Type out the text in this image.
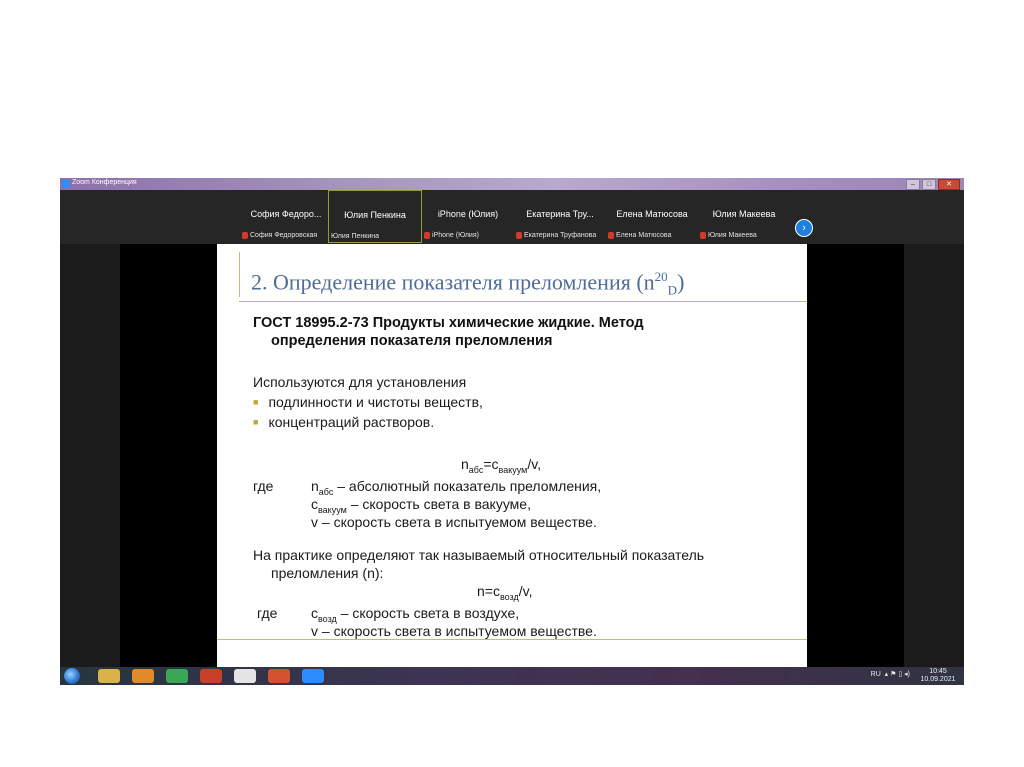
Zoom Конференция	–	□	✕
София Федоро...
София Федоровская
Юлия Пенкина
Юлия Пенкина
iPhone (Юлия)
iPhone (Юлия)
Екатерина Тру...
Екатерина Труфанова
Елена Матюсова
Елена Матюсова
Юлия Макеева
Юлия Макеева
›
2. Определение показателя преломления $(n^{20}_D)$
ГОСТ 18995.2-73 Продукты химические жидкие. Метод
определения показателя преломления
Используются для установления
■ подлинности и чистоты веществ,
■ концентраций растворов.
$n_{абс}=c_{вакуум}/v$,
где	$n_{абс}$ – абсолютный показатель преломления,
$c_{вакуум}$ – скорость света в вакууме,
v – скорость света в испытуемом веществе.
На практике определяют так называемый относительный показатель
преломления (n):
$n=c_{возд}/v$,
где $c_{возд}$ – скорость света в воздухе,
v – скорость света в испытуемом веществе.
RU  ▴ ⚑ ▯ ◂)	10:45
10.09.2021
